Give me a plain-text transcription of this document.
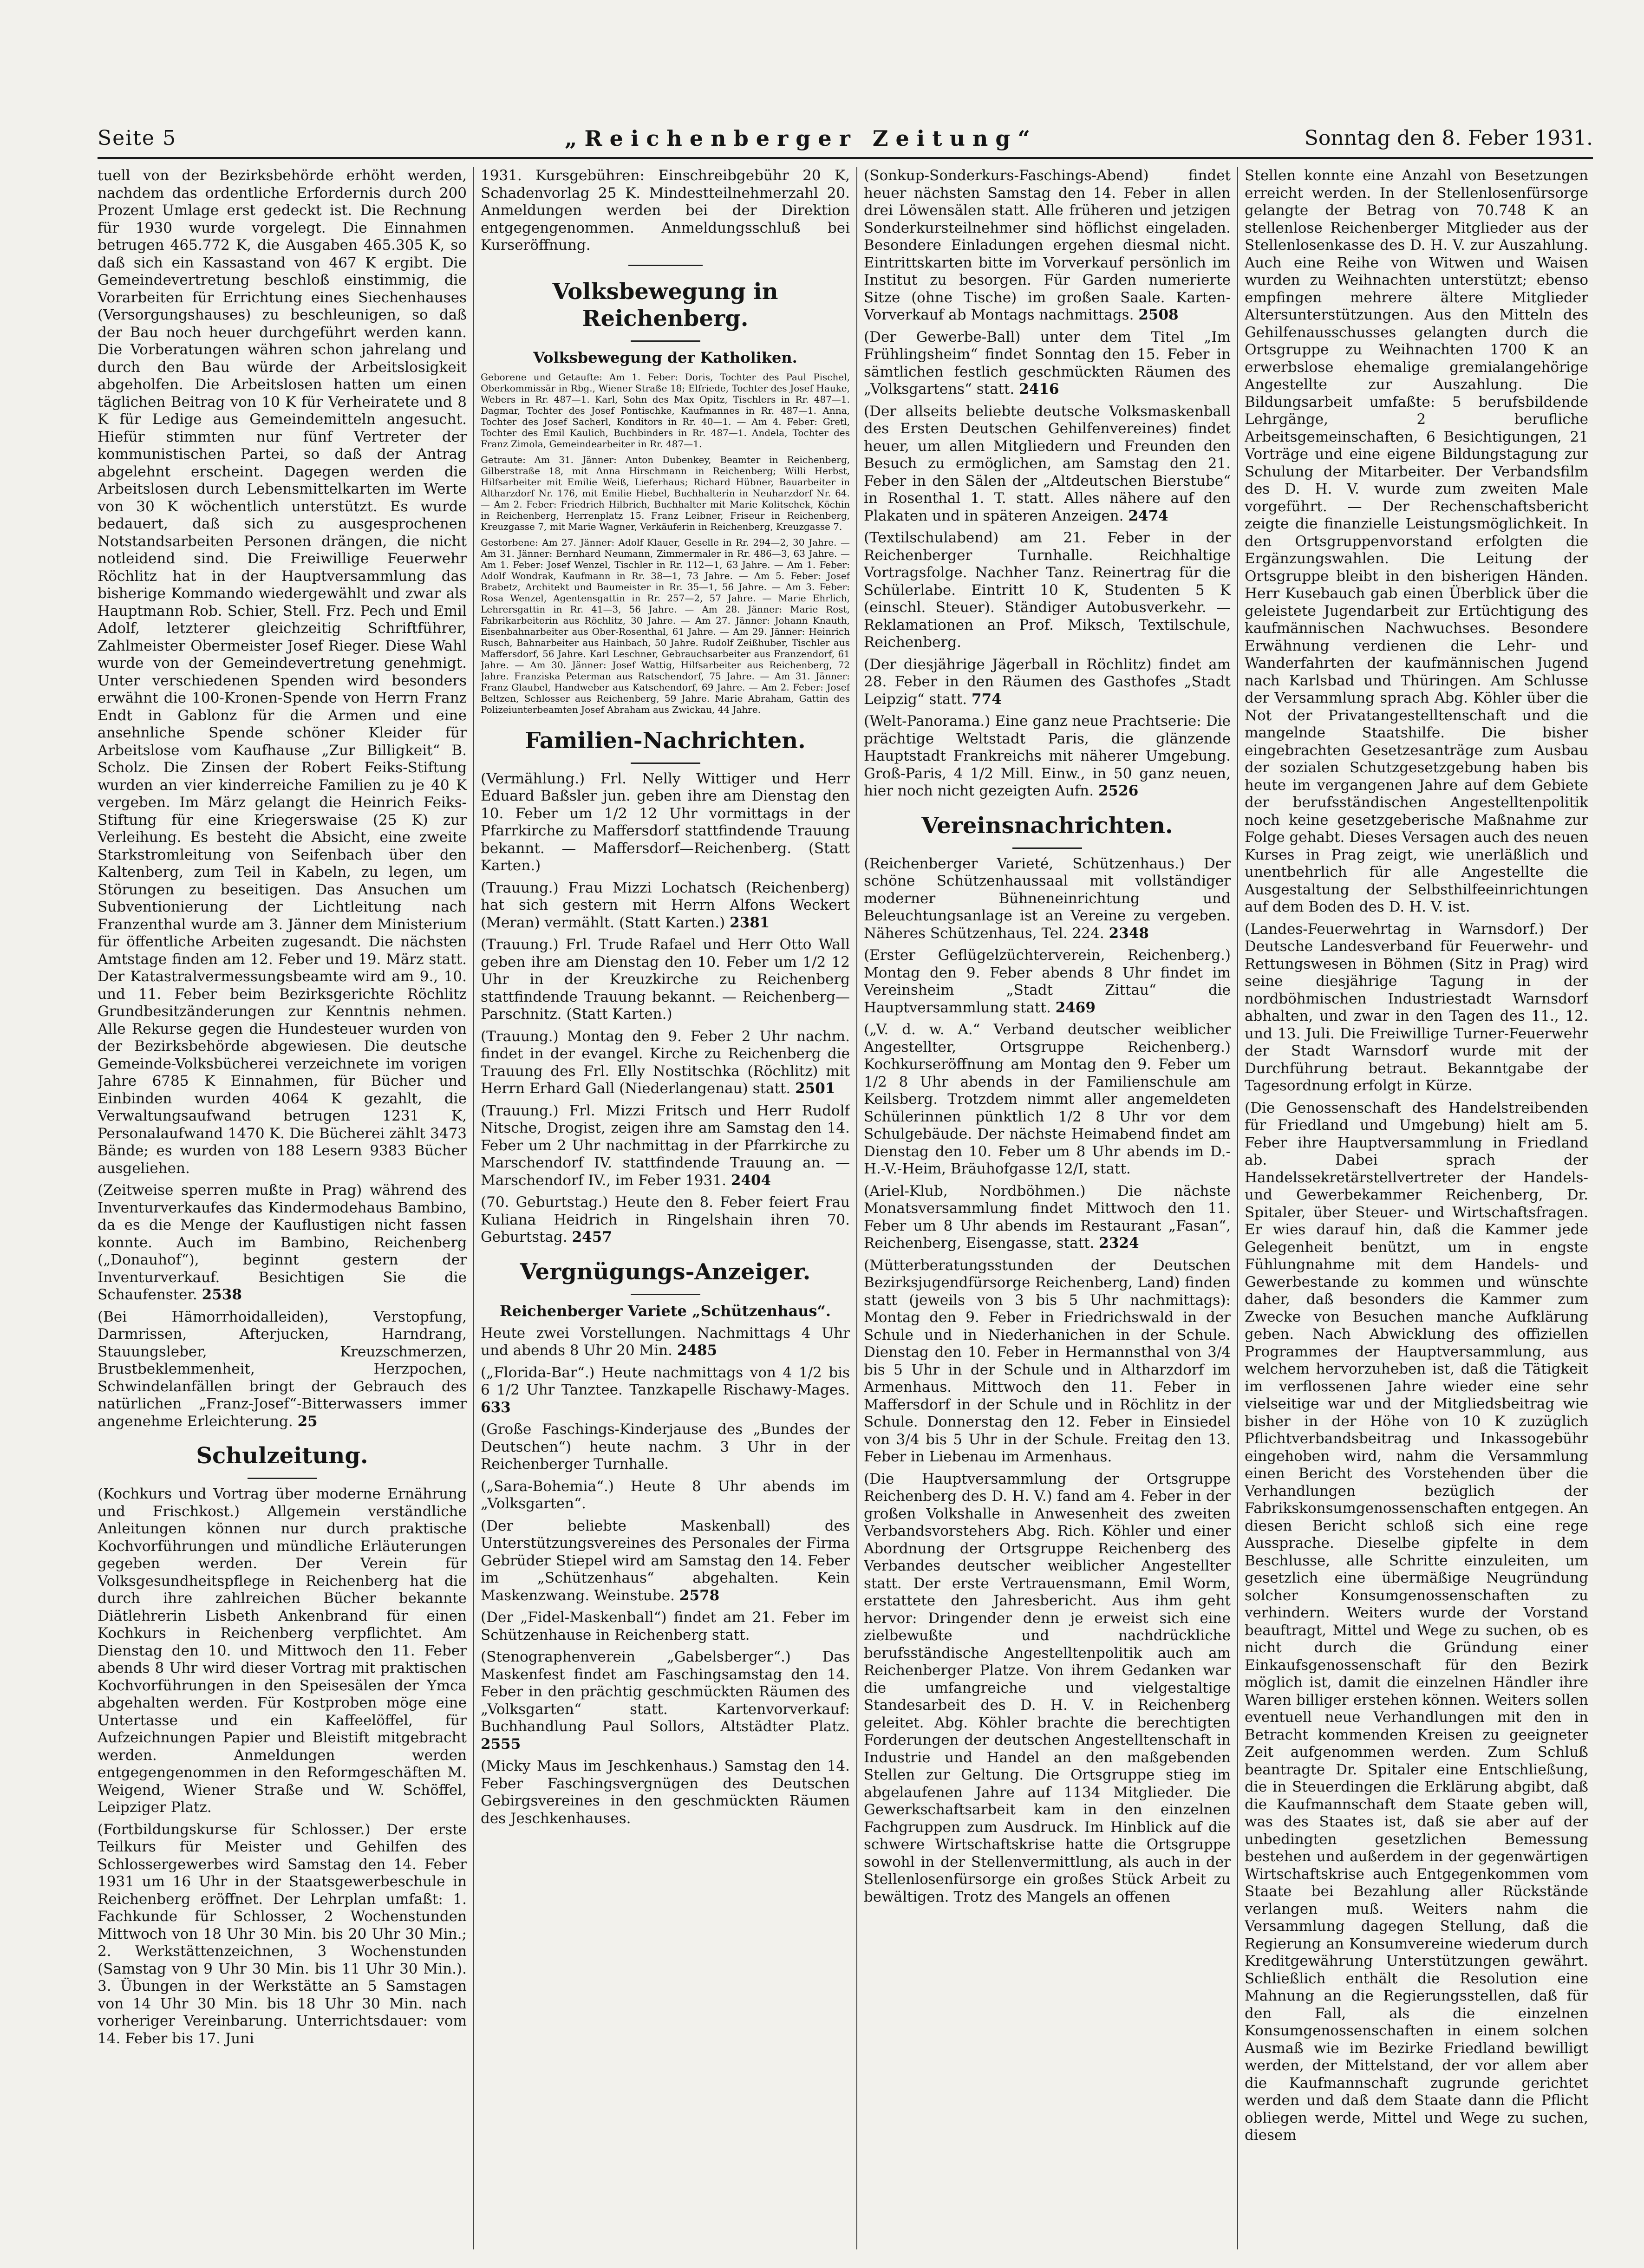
Seite 5	„Reichenberger Zeitung“	Sonntag den 8. Feber 1931.

tuell von der Bezirksbehörde erhöht werden, nachdem das ordentliche Erfordernis durch 200 Prozent Umlage erst gedeckt ist. Die Rechnung für 1930 wurde vorgelegt. Die Einnahmen betrugen 465.772 K, die Ausgaben 465.305 K, so daß sich ein Kassastand von 467 K ergibt. Die Gemeindevertretung beschloß einstimmig, die Vorarbeiten für Errichtung eines Siechenhauses (Versorgungshauses) zu beschleunigen, so daß der Bau noch heuer durchgeführt werden kann. Die Vorberatungen währen schon jahrelang und durch den Bau würde der Arbeitslosigkeit abgeholfen. Die Arbeitslosen hatten um einen täglichen Beitrag von 10 K für Verheiratete und 8 K für Ledige aus Gemeindemitteln angesucht. Hiefür stimmten nur fünf Vertreter der kommunistischen Partei, so daß der Antrag abgelehnt erscheint. Dagegen werden die Arbeitslosen durch Lebensmittelkarten im Werte von 30 K wöchentlich unterstützt. Es wurde bedauert, daß sich zu ausgesprochenen Notstandsarbeiten Personen drängen, die nicht notleidend sind. Die Freiwillige Feuerwehr Röchlitz hat in der Hauptversammlung das bisherige Kommando wiedergewählt und zwar als Hauptmann Rob. Schier, Stell. Frz. Pech und Emil Adolf, letzterer gleichzeitig Schriftführer, Zahlmeister Obermeister Josef Rieger. Diese Wahl wurde von der Gemeindevertretung genehmigt. Unter verschiedenen Spenden wird besonders erwähnt die 100-Kronen-Spende von Herrn Franz Endt in Gablonz für die Armen und eine ansehnliche Spende schöner Kleider für Arbeitslose vom Kaufhause „Zur Billigkeit“ B. Scholz. Die Zinsen der Robert Feiks-Stiftung wurden an vier kinderreiche Familien zu je 40 K vergeben. Im März gelangt die Heinrich Feiks-Stiftung für eine Kriegerswaise (25 K) zur Verleihung. Es besteht die Absicht, eine zweite Starkstromleitung von Seifenbach über den Kaltenberg, zum Teil in Kabeln, zu legen, um Störungen zu beseitigen. Das Ansuchen um Subventionierung der Lichtleitung nach Franzenthal wurde am 3. Jänner dem Ministerium für öffentliche Arbeiten zugesandt. Die nächsten Amtstage finden am 12. Feber und 19. März statt. Der Katastralvermessungsbeamte wird am 9., 10. und 11. Feber beim Bezirksgerichte Röchlitz Grundbesitzänderungen zur Kenntnis nehmen. Alle Rekurse gegen die Hundesteuer wurden von der Bezirksbehörde abgewiesen. Die deutsche Gemeinde-Volksbücherei verzeichnete im vorigen Jahre 6785 K Einnahmen, für Bücher und Einbinden wurden 4064 K gezahlt, die Verwaltungsaufwand betrugen 1231 K, Personalaufwand 1470 K. Die Bücherei zählt 3473 Bände; es wurden von 188 Lesern 9383 Bücher ausgeliehen.

(Zeitweise sperren mußte in Prag) während des Inventurverkaufes das Kindermodehaus Bambino, da es die Menge der Kauflustigen nicht fassen konnte. Auch im Bambino, Reichenberg („Donauhof“), beginnt gestern der Inventurverkauf. Besichtigen Sie die Schaufenster. 2538

(Bei Hämorrhoidalleiden), Verstopfung, Darmrissen, Afterjucken, Harndrang, Stauungsleber, Kreuzschmerzen, Brustbeklemmenheit, Herzpochen, Schwindelanfällen bringt der Gebrauch des natürlichen „Franz-Josef“-Bitterwassers immer angenehme Erleichterung. 25

Schulzeitung.

(Kochkurs und Vortrag über moderne Ernährung und Frischkost.) Allgemein verständliche Anleitungen können nur durch praktische Kochvorführungen und mündliche Erläuterungen gegeben werden. Der Verein für Volksgesundheitspflege in Reichenberg hat die durch ihre zahlreichen Bücher bekannte Diätlehrerin Lisbeth Ankenbrand für einen Kochkurs in Reichenberg verpflichtet. Am Dienstag den 10. und Mittwoch den 11. Feber abends 8 Uhr wird dieser Vortrag mit praktischen Kochvorführungen in den Speisesälen der Ymca abgehalten werden. Für Kostproben möge eine Untertasse und ein Kaffeelöffel, für Aufzeichnungen Papier und Bleistift mitgebracht werden. Anmeldungen werden entgegengenommen in den Reformgeschäften M. Weigend, Wiener Straße und W. Schöffel, Leipziger Platz.

(Fortbildungskurse für Schlosser.) Der erste Teilkurs für Meister und Gehilfen des Schlossergewerbes wird Samstag den 14. Feber 1931 um 16 Uhr in der Staatsgewerbeschule in Reichenberg eröffnet. Der Lehrplan umfaßt: 1. Fachkunde für Schlosser, 2 Wochenstunden Mittwoch von 18 Uhr 30 Min. bis 20 Uhr 30 Min.; 2. Werkstättenzeichnen, 3 Wochenstunden (Samstag von 9 Uhr 30 Min. bis 11 Uhr 30 Min.). 3. Übungen in der Werkstätte an 5 Samstagen von 14 Uhr 30 Min. bis 18 Uhr 30 Min. nach vorheriger Vereinbarung. Unterrichtsdauer: vom 14. Feber bis 17. Juni

1931. Kursgebühren: Einschreibgebühr 20 K, Schadenvorlag 25 K. Mindestteilnehmerzahl 20. Anmeldungen werden bei der Direktion entgegengenommen. Anmeldungsschluß bei Kurseröffnung.

Volksbewegung in Reichenberg.
Volksbewegung der Katholiken.

Geborene und Getaufte: Am 1. Feber: Doris, Tochter des Paul Pischel, Oberkommissär in Rbg., Wiener Straße 18; Elfriede, Tochter des Josef Hauke, Webers in Rr. 487—1. Karl, Sohn des Max Opitz, Tischlers in Rr. 487—1. Dagmar, Tochter des Josef Pontischke, Kaufmannes in Rr. 487—1. Anna, Tochter des Josef Sacherl, Konditors in Rr. 40—1. — Am 4. Feber: Gretl, Tochter des Emil Kaulich, Buchbinders in Rr. 487—1. Andela, Tochter des Franz Zimola, Gemeindearbeiter in Rr. 487—1.

Getraute: Am 31. Jänner: Anton Dubenkey, Beamter in Reichenberg, Gilberstraße 18, mit Anna Hirschmann in Reichenberg; Willi Herbst, Hilfsarbeiter mit Emilie Weiß, Lieferhaus; Richard Hübner, Bauarbeiter in Altharzdorf Nr. 176, mit Emilie Hiebel, Buchhalterin in Neuharzdorf Nr. 64. — Am 2. Feber: Friedrich Hilbrich, Buchhalter mit Marie Kolitschek, Köchin in Reichenberg, Herrenplatz 15. Franz Leibner, Friseur in Reichenberg, Kreuzgasse 7, mit Marie Wagner, Verkäuferin in Reichenberg, Kreuzgasse 7.

Gestorbene: Am 27. Jänner: Adolf Klauer, Geselle in Rr. 294—2, 30 Jahre. — Am 31. Jänner: Bernhard Neumann, Zimmermaler in Rr. 486—3, 63 Jahre. — Am 1. Feber: Josef Wenzel, Tischler in Rr. 112—1, 63 Jahre. — Am 1. Feber: Adolf Wondrak, Kaufmann in Rr. 38—1, 73 Jahre. — Am 5. Feber: Josef Brabetz, Architekt und Baumeister in Rr. 35—1, 56 Jahre. — Am 3. Feber: Rosa Wenzel, Agentensgattin in Rr. 257—2, 57 Jahre. — Marie Ehrlich, Lehrersgattin in Rr. 41—3, 56 Jahre. — Am 28. Jänner: Marie Rost, Fabrikarbeiterin aus Röchlitz, 30 Jahre. — Am 27. Jänner: Johann Knauth, Eisenbahnarbeiter aus Ober-Rosenthal, 61 Jahre. — Am 29. Jänner: Heinrich Rusch, Bahnarbeiter aus Hainbach, 50 Jahre. Rudolf Zeißhuber, Tischler aus Maffersdorf, 56 Jahre. Karl Leschner, Gebrauchsarbeiter aus Franzendorf, 61 Jahre. — Am 30. Jänner: Josef Wattig, Hilfsarbeiter aus Reichenberg, 72 Jahre. Franziska Peterman aus Ratschendorf, 75 Jahre. — Am 31. Jänner: Franz Glaubel, Handweber aus Katschendorf, 69 Jahre. — Am 2. Feber: Josef Beltzen, Schlosser aus Reichenberg, 59 Jahre. Marie Abraham, Gattin des Polizeiunterbeamten Josef Abraham aus Zwickau, 44 Jahre.

Familien-Nachrichten.

(Vermählung.) Frl. Nelly Wittiger und Herr Eduard Baßsler jun. geben ihre am Dienstag den 10. Feber um 1/2 12 Uhr vormittags in der Pfarrkirche zu Maffersdorf stattfindende Trauung bekannt. — Maffersdorf—Reichenberg. (Statt Karten.)

(Trauung.) Frau Mizzi Lochatsch (Reichenberg) hat sich gestern mit Herrn Alfons Weckert (Meran) vermählt. (Statt Karten.) 2381

(Trauung.) Frl. Trude Rafael und Herr Otto Wall geben ihre am Dienstag den 10. Feber um 1/2 12 Uhr in der Kreuzkirche zu Reichenberg stattfindende Trauung bekannt. — Reichenberg—Parschnitz. (Statt Karten.)

(Trauung.) Montag den 9. Feber 2 Uhr nachm. findet in der evangel. Kirche zu Reichenberg die Trauung des Frl. Elly Nostitschka (Röchlitz) mit Herrn Erhard Gall (Niederlangenau) statt. 2501

(Trauung.) Frl. Mizzi Fritsch und Herr Rudolf Nitsche, Drogist, zeigen ihre am Samstag den 14. Feber um 2 Uhr nachmittag in der Pfarrkirche zu Marschendorf IV. stattfindende Trauung an. — Marschendorf IV., im Feber 1931. 2404

(70. Geburtstag.) Heute den 8. Feber feiert Frau Kuliana Heidrich in Ringelshain ihren 70. Geburtstag. 2457

Vergnügungs-Anzeiger.
Reichenberger Variete „Schützenhaus“.

Heute zwei Vorstellungen. Nachmittags 4 Uhr und abends 8 Uhr 20 Min. 2485

(„Florida-Bar“.) Heute nachmittags von 4 1/2 bis 6 1/2 Uhr Tanztee. Tanzkapelle Rischawy-Mages. 633

(Große Faschings-Kinderjause des „Bundes der Deutschen“) heute nachm. 3 Uhr in der Reichenberger Turnhalle.

(„Sara-Bohemia“.) Heute 8 Uhr abends im „Volksgarten“.

(Der beliebte Maskenball) des Unterstützungsvereines des Personales der Firma Gebrüder Stiepel wird am Samstag den 14. Feber im „Schützenhaus“ abgehalten. Kein Maskenzwang. Weinstube. 2578

(Der „Fidel-Maskenball“) findet am 21. Feber im Schützenhause in Reichenberg statt.

(Stenographenverein „Gabelsberger“.) Das Maskenfest findet am Faschingsamstag den 14. Feber in den prächtig geschmückten Räumen des „Volksgarten“ statt. Kartenvorverkauf: Buchhandlung Paul Sollors, Altstädter Platz. 2555

(Micky Maus im Jeschkenhaus.) Samstag den 14. Feber Faschingsvergnügen des Deutschen Gebirgsvereines in den geschmückten Räumen des Jeschkenhauses.

(Sonkup-Sonderkurs-Faschings-Abend) findet heuer nächsten Samstag den 14. Feber in allen drei Löwensälen statt. Alle früheren und jetzigen Sonderkursteilnehmer sind höflichst eingeladen. Besondere Einladungen ergehen diesmal nicht. Eintrittskarten bitte im Vorverkauf persönlich im Institut zu besorgen. Für Garden numerierte Sitze (ohne Tische) im großen Saale. Karten-Vorverkauf ab Montags nachmittags. 2508

(Der Gewerbe-Ball) unter dem Titel „Im Frühlingsheim“ findet Sonntag den 15. Feber in sämtlichen festlich geschmückten Räumen des „Volksgartens“ statt. 2416

(Der allseits beliebte deutsche Volksmaskenball des Ersten Deutschen Gehilfenvereines) findet heuer, um allen Mitgliedern und Freunden den Besuch zu ermöglichen, am Samstag den 21. Feber in den Sälen der „Altdeutschen Bierstube“ in Rosenthal 1. T. statt. Alles nähere auf den Plakaten und in späteren Anzeigen. 2474

(Textilschulabend) am 21. Feber in der Reichenberger Turnhalle. Reichhaltige Vortragsfolge. Nachher Tanz. Reinertrag für die Schülerlabe. Eintritt 10 K, Studenten 5 K (einschl. Steuer). Ständiger Autobusverkehr. — Reklamationen an Prof. Miksch, Textilschule, Reichenberg.

(Der diesjährige Jägerball in Röchlitz) findet am 28. Feber in den Räumen des Gasthofes „Stadt Leipzig“ statt. 774

(Welt-Panorama.) Eine ganz neue Prachtserie: Die prächtige Weltstadt Paris, die glänzende Hauptstadt Frankreichs mit näherer Umgebung. Groß-Paris, 4 1/2 Mill. Einw., in 50 ganz neuen, hier noch nicht gezeigten Aufn. 2526

Vereinsnachrichten.

(Reichenberger Varieté, Schützenhaus.) Der schöne Schützenhaussaal mit vollständiger moderner Bühneneinrichtung und Beleuchtungsanlage ist an Vereine zu vergeben. Näheres Schützenhaus, Tel. 224. 2348

(Erster Geflügelzüchterverein, Reichenberg.) Montag den 9. Feber abends 8 Uhr findet im Vereinsheim „Stadt Zittau“ die Hauptversammlung statt. 2469

(„V. d. w. A.“ Verband deutscher weiblicher Angestellter, Ortsgruppe Reichenberg.) Kochkurseröffnung am Montag den 9. Feber um 1/2 8 Uhr abends in der Familienschule am Keilsberg. Trotzdem nimmt aller angemeldeten Schülerinnen pünktlich 1/2 8 Uhr vor dem Schulgebäude. Der nächste Heimabend findet am Dienstag den 10. Feber um 8 Uhr abends im D.-H.-V.-Heim, Bräuhofgasse 12/I, statt.

(Ariel-Klub, Nordböhmen.) Die nächste Monatsversammlung findet Mittwoch den 11. Feber um 8 Uhr abends im Restaurant „Fasan“, Reichenberg, Eisengasse, statt. 2324

(Mütterberatungsstunden der Deutschen Bezirksjugendfürsorge Reichenberg, Land) finden statt (jeweils von 3 bis 5 Uhr nachmittags): Montag den 9. Feber in Friedrichswald in der Schule und in Niederhanichen in der Schule. Dienstag den 10. Feber in Hermannsthal von 3/4 bis 5 Uhr in der Schule und in Altharzdorf im Armenhaus. Mittwoch den 11. Feber in Maffersdorf in der Schule und in Röchlitz in der Schule. Donnerstag den 12. Feber in Einsiedel von 3/4 bis 5 Uhr in der Schule. Freitag den 13. Feber in Liebenau im Armenhaus.

(Die Hauptversammlung der Ortsgruppe Reichenberg des D. H. V.) fand am 4. Feber in der großen Volkshalle in Anwesenheit des zweiten Verbandsvorstehers Abg. Rich. Köhler und einer Abordnung der Ortsgruppe Reichenberg des Verbandes deutscher weiblicher Angestellter statt. Der erste Vertrauensmann, Emil Worm, erstattete den Jahresbericht. Aus ihm geht hervor: Dringender denn je erweist sich eine zielbewußte und nachdrückliche berufsständische Angestelltenpolitik auch am Reichenberger Platze. Von ihrem Gedanken war die umfangreiche und vielgestaltige Standesarbeit des D. H. V. in Reichenberg geleitet. Abg. Köhler brachte die berechtigten Forderungen der deutschen Angestelltenschaft in Industrie und Handel an den maßgebenden Stellen zur Geltung. Die Ortsgruppe stieg im abgelaufenen Jahre auf 1134 Mitglieder. Die Gewerkschaftsarbeit kam in den einzelnen Fachgruppen zum Ausdruck. Im Hinblick auf die schwere Wirtschaftskrise hatte die Ortsgruppe sowohl in der Stellenvermittlung, als auch in der Stellenlosenfürsorge ein großes Stück Arbeit zu bewältigen. Trotz des Mangels an offenen

Stellen konnte eine Anzahl von Besetzungen erreicht werden. In der Stellenlosenfürsorge gelangte der Betrag von 70.748 K an stellenlose Reichenberger Mitglieder aus der Stellenlosenkasse des D. H. V. zur Auszahlung. Auch eine Reihe von Witwen und Waisen wurden zu Weihnachten unterstützt; ebenso empfingen mehrere ältere Mitglieder Altersunterstützungen. Aus den Mitteln des Gehilfenausschusses gelangten durch die Ortsgruppe zu Weihnachten 1700 K an erwerbslose ehemalige gremialangehörige Angestellte zur Auszahlung. Die Bildungsarbeit umfaßte: 5 berufsbildende Lehrgänge, 2 berufliche Arbeitsgemeinschaften, 6 Besichtigungen, 21 Vorträge und eine eigene Bildungstagung zur Schulung der Mitarbeiter. Der Verbandsfilm des D. H. V. wurde zum zweiten Male vorgeführt. — Der Rechenschaftsbericht zeigte die finanzielle Leistungsmöglichkeit. In den Ortsgruppenvorstand erfolgten die Ergänzungswahlen. Die Leitung der Ortsgruppe bleibt in den bisherigen Händen. Herr Kusebauch gab einen Überblick über die geleistete Jugendarbeit zur Ertüchtigung des kaufmännischen Nachwuchses. Besondere Erwähnung verdienen die Lehr- und Wanderfahrten der kaufmännischen Jugend nach Karlsbad und Thüringen. Am Schlusse der Versammlung sprach Abg. Köhler über die Not der Privatangestelltenschaft und die mangelnde Staatshilfe. Die bisher eingebrachten Gesetzesanträge zum Ausbau der sozialen Schutzgesetzgebung haben bis heute im vergangenen Jahre auf dem Gebiete der berufsständischen Angestelltenpolitik noch keine gesetzgeberische Maßnahme zur Folge gehabt. Dieses Versagen auch des neuen Kurses in Prag zeigt, wie unerläßlich und unentbehrlich für alle Angestellte die Ausgestaltung der Selbsthilfeeinrichtungen auf dem Boden des D. H. V. ist.

(Landes-Feuerwehrtag in Warnsdorf.) Der Deutsche Landesverband für Feuerwehr- und Rettungswesen in Böhmen (Sitz in Prag) wird seine diesjährige Tagung in der nordböhmischen Industriestadt Warnsdorf abhalten, und zwar in den Tagen des 11., 12. und 13. Juli. Die Freiwillige Turner-Feuerwehr der Stadt Warnsdorf wurde mit der Durchführung betraut. Bekanntgabe der Tagesordnung erfolgt in Kürze.

(Die Genossenschaft des Handelstreibenden für Friedland und Umgebung) hielt am 5. Feber ihre Hauptversammlung in Friedland ab. Dabei sprach der Handelssekretärstellvertreter der Handels- und Gewerbekammer Reichenberg, Dr. Spitaler, über Steuer- und Wirtschaftsfragen. Er wies darauf hin, daß die Kammer jede Gelegenheit benützt, um in engste Fühlungnahme mit dem Handels- und Gewerbestande zu kommen und wünschte daher, daß besonders die Kammer zum Zwecke von Besuchen manche Aufklärung geben. Nach Abwicklung des offiziellen Programmes der Hauptversammlung, aus welchem hervorzuheben ist, daß die Tätigkeit im verflossenen Jahre wieder eine sehr vielseitige war und der Mitgliedsbeitrag wie bisher in der Höhe von 10 K zuzüglich Pflichtverbandsbeitrag und Inkassogebühr eingehoben wird, nahm die Versammlung einen Bericht des Vorstehenden über die Verhandlungen bezüglich der Fabrikskonsumgenossenschaften entgegen. An diesen Bericht schloß sich eine rege Aussprache. Dieselbe gipfelte in dem Beschlusse, alle Schritte einzuleiten, um gesetzlich eine übermäßige Neugründung solcher Konsumgenossenschaften zu verhindern. Weiters wurde der Vorstand beauftragt, Mittel und Wege zu suchen, ob es nicht durch die Gründung einer Einkaufsgenossenschaft für den Bezirk möglich ist, damit die einzelnen Händler ihre Waren billiger erstehen können. Weiters sollen eventuell neue Verhandlungen mit den in Betracht kommenden Kreisen zu geeigneter Zeit aufgenommen werden. Zum Schluß beantragte Dr. Spitaler eine Entschließung, die in Steuerdingen die Erklärung abgibt, daß die Kaufmannschaft dem Staate geben will, was des Staates ist, daß sie aber auf der unbedingten gesetzlichen Bemessung bestehen und außerdem in der gegenwärtigen Wirtschaftskrise auch Entgegenkommen vom Staate bei Bezahlung aller Rückstände verlangen muß. Weiters nahm die Versammlung dagegen Stellung, daß die Regierung an Konsumvereine wiederum durch Kreditgewährung Unterstützungen gewährt. Schließlich enthält die Resolution eine Mahnung an die Regierungsstellen, daß für den Fall, als die einzelnen Konsumgenossenschaften in einem solchen Ausmaß wie im Bezirke Friedland bewilligt werden, der Mittelstand, der vor allem aber die Kaufmannschaft zugrunde gerichtet werden und daß dem Staate dann die Pflicht obliegen werde, Mittel und Wege zu suchen, diesem
